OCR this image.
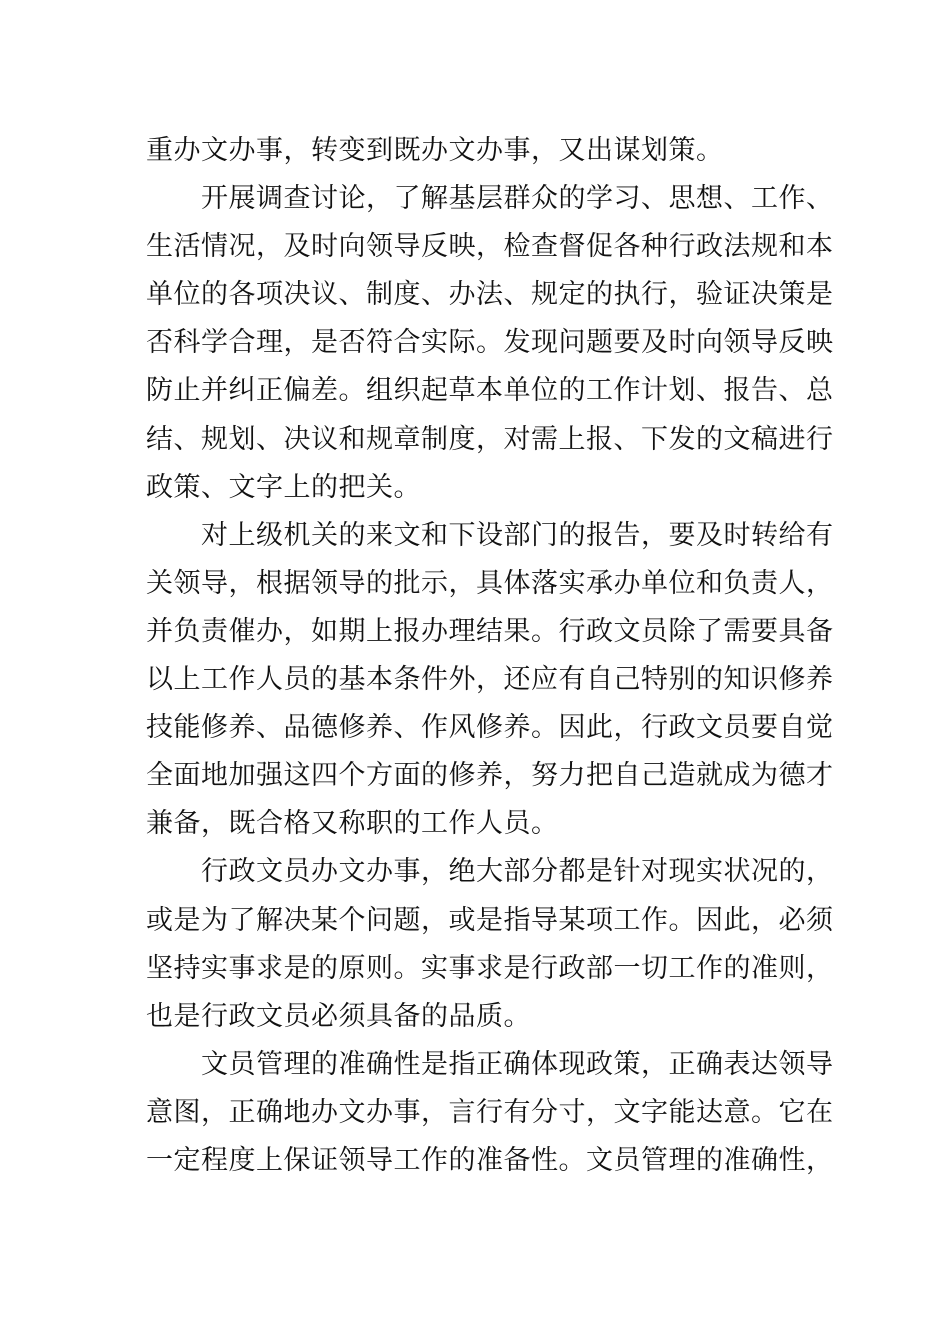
重办文办事，转变到既办文办事，又出谋划策。
开展调查讨论，了解基层群众的学习、思想、工作、
生活情况，及时向领导反映，检查督促各种行政法规和本
单位的各项决议、制度、办法、规定的执行，验证决策是
否科学合理，是否符合实际。发现问题要及时向领导反映
防止并纠正偏差。组织起草本单位的工作计划、报告、总
结、规划、决议和规章制度，对需上报、下发的文稿进行
政策、文字上的把关。
对上级机关的来文和下设部门的报告，要及时转给有
关领导，根据领导的批示，具体落实承办单位和负责人，
并负责催办，如期上报办理结果。行政文员除了需要具备
以上工作人员的基本条件外，还应有自己特别的知识修养
技能修养、品德修养、作风修养。因此，行政文员要自觉
全面地加强这四个方面的修养，努力把自己造就成为德才
兼备，既合格又称职的工作人员。
行政文员办文办事，绝大部分都是针对现实状况的，
或是为了解决某个问题，或是指导某项工作。因此，必须
坚持实事求是的原则。实事求是行政部一切工作的准则，
也是行政文员必须具备的品质。
文员管理的准确性是指正确体现政策，正确表达领导
意图，正确地办文办事，言行有分寸，文字能达意。它在
一定程度上保证领导工作的准备性。文员管理的准确性，
